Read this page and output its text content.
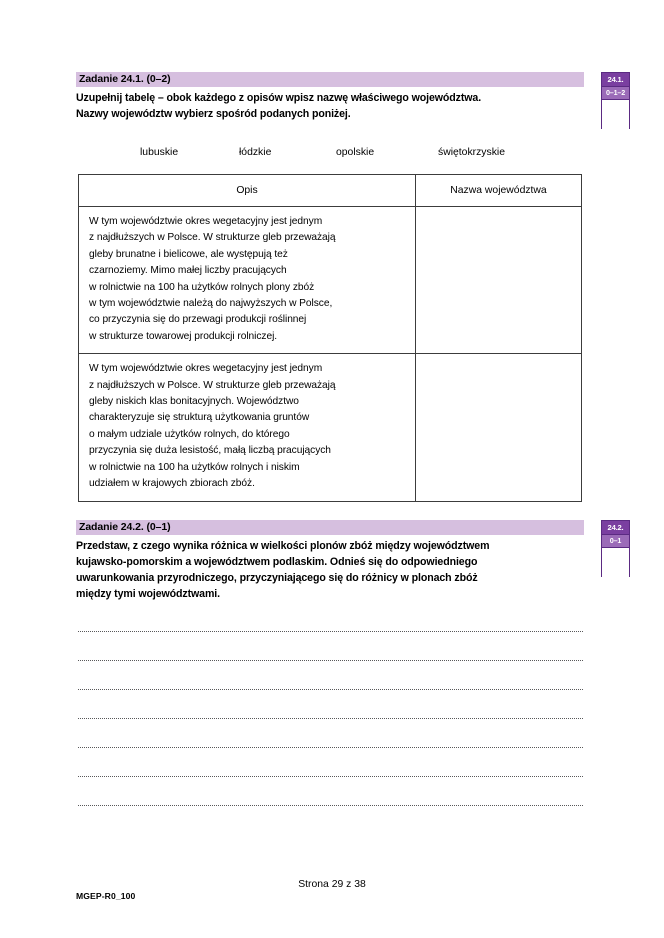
Zadanie 24.1. (0–2)
Uzupełnij tabelę – obok każdego z opisów wpisz nazwę właściwego województwa.
Nazwy województw wybierz spośród podanych poniżej.
24.1.
0–1–2
lubuskie	łódzkie	opolskie	świętokrzyskie
Opis	Nazwa województwa
W tym województwie okres wegetacyjny jest jednym
z najdłuższych w Polsce. W strukturze gleb przeważają
gleby brunatne i bielicowe, ale występują też
czarnoziemy. Mimo małej liczby pracujących
w rolnictwie na 100 ha użytków rolnych plony zbóż
w tym województwie należą do najwyższych w Polsce,
co przyczynia się do przewagi produkcji roślinnej
w strukturze towarowej produkcji rolniczej.
W tym województwie okres wegetacyjny jest jednym
z najdłuższych w Polsce. W strukturze gleb przeważają
gleby niskich klas bonitacyjnych. Województwo
charakteryzuje się strukturą użytkowania gruntów
o małym udziale użytków rolnych, do którego
przyczynia się duża lesistość, małą liczbą pracujących
w rolnictwie na 100 ha użytków rolnych i niskim
udziałem w krajowych zbiorach zbóż.
Zadanie 24.2. (0–1)
Przedstaw, z czego wynika różnica w wielkości plonów zbóż między województwem
kujawsko-pomorskim a województwem podlaskim. Odnieś się do odpowiedniego
uwarunkowania przyrodniczego, przyczyniającego się do różnicy w plonach zbóż
między tymi województwami.
24.2.
0–1
MGEP-R0_100
Strona 29 z 38
